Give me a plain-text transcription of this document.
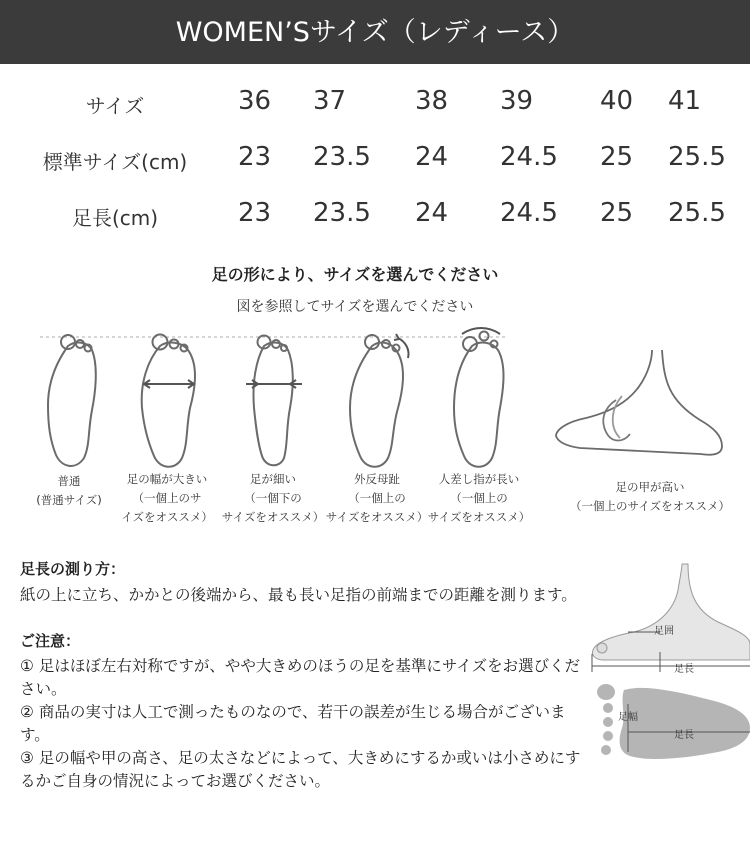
WOMEN’Sサイズ（レディース）
サイズ	36 37	38 39	40 41
標準サイズ(cm)	23 23.5 24 24.5 25 25.5
足長(cm)	23 23.5 24 24.5 25 25.5
足の形により、サイズを選んでください
図を参照してサイズを選んでください
普通
(普通サイズ)
足の幅が大きい
（一個上のサ
イズをオススメ）
足が細い
（一個下の
サイズをオススメ）
外反母趾
（一個上の
サイズをオススメ）
人差し指が長い
（一個上の
サイズをオススメ）
足の甲が高い
（一個上のサイズをオススメ）
足長の測り方：
紙の上に立ち、かかとの後端から、最も長い足指の前端までの距離を測ります。
ご注意：

① 足はほぼ左右対称ですが、やや大きめのほうの足を基準にサイズをお選びください。

② 商品の実寸は人工で測ったものなので、若干の誤差が生じる場合がございます。

③ 足の幅や甲の高さ、足の太さなどによって、大きめにするか或いは小さめにするかご自身の情況によってお選びください。

足囲
足長
足幅
足長
